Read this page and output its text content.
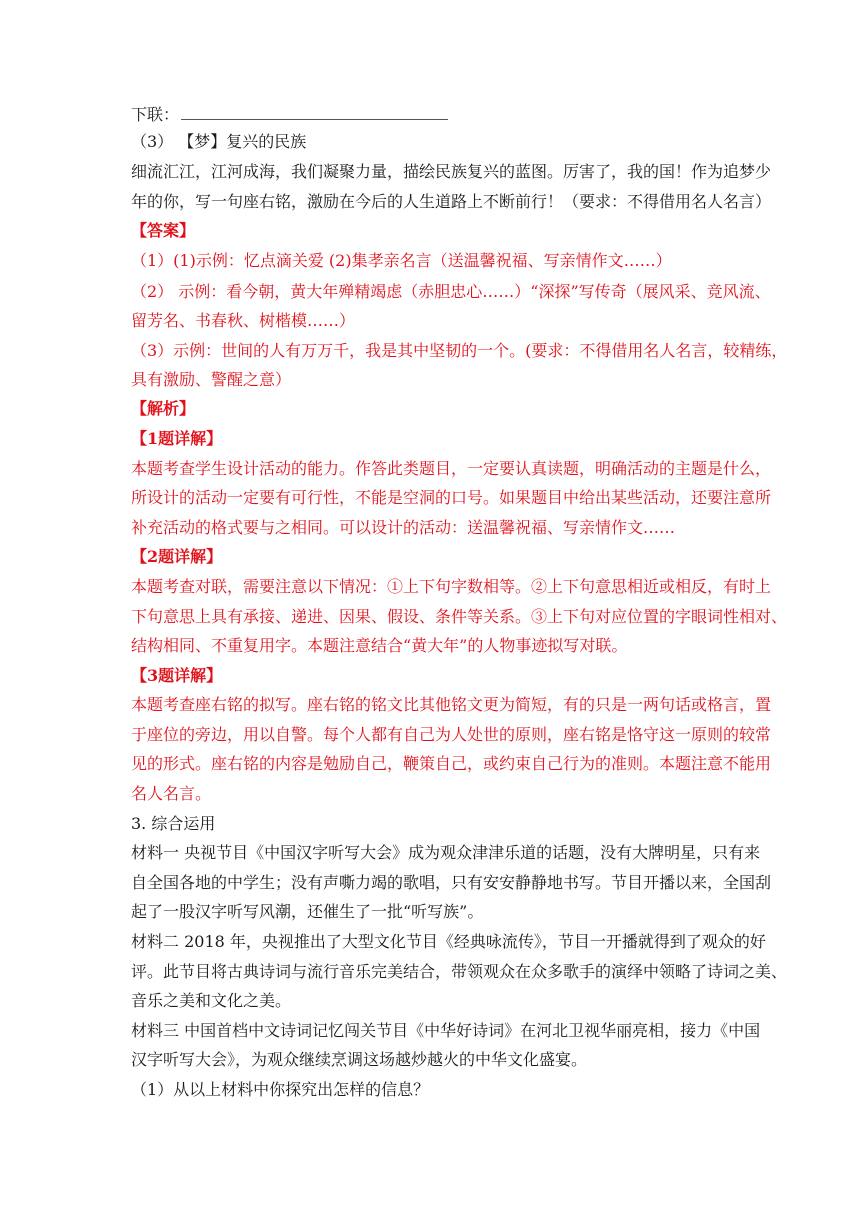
下联：
（3） 【梦】复兴的民族
细流汇江，江河成海，我们凝聚力量，描绘民族复兴的蓝图。厉害了，我的国！作为追梦少
年的你，写一句座右铭，激励在今后的人生道路上不断前行！（要求：不得借用名人名言）
【答案】
（1）(1)示例：忆点滴关爱 (2)集孝亲名言（送温馨祝福、写亲情作文……）
（2） 示例：看今朝，黄大年殚精竭虑（赤胆忠心……）“深探”写传奇（展风采、竞风流、
留芳名、书春秋、树楷模……）
（3）示例：世间的人有万万千，我是其中坚韧的一个。(要求：不得借用名人名言，较精练，
具有激励、警醒之意）
【解析】
【1题详解】
本题考查学生设计活动的能力。作答此类题目，一定要认真读题，明确活动的主题是什么，
所设计的活动一定要有可行性，不能是空洞的口号。如果题目中给出某些活动，还要注意所
补充活动的格式要与之相同。可以设计的活动：送温馨祝福、写亲情作文……
【2题详解】
本题考查对联，需要注意以下情况：①上下句字数相等。②上下句意思相近或相反，有时上
下句意思上具有承接、递进、因果、假设、条件等关系。③上下句对应位置的字眼词性相对、
结构相同、不重复用字。本题注意结合“黄大年”的人物事迹拟写对联。
【3题详解】
本题考查座右铭的拟写。座右铭的铭文比其他铭文更为简短，有的只是一两句话或格言，置
于座位的旁边，用以自警。每个人都有自己为人处世的原则，座右铭是恪守这一原则的较常
见的形式。座右铭的内容是勉励自己，鞭策自己，或约束自己行为的准则。本题注意不能用
名人名言。
3. 综合运用
材料一 央视节目《中国汉字听写大会》成为观众津津乐道的话题，没有大牌明星，只有来
自全国各地的中学生；没有声嘶力竭的歌唱，只有安安静静地书写。节目开播以来，全国刮
起了一股汉字听写风潮，还催生了一批“听写族”。
材料二 2018 年，央视推出了大型文化节目《经典咏流传》，节目一开播就得到了观众的好
评。此节目将古典诗词与流行音乐完美结合，带领观众在众多歌手的演绎中领略了诗词之美、
音乐之美和文化之美。
材料三 中国首档中文诗词记忆闯关节目《中华好诗词》在河北卫视华丽亮相，接力《中国
汉字听写大会》，为观众继续烹调这场越炒越火的中华文化盛宴。
（1）从以上材料中你探究出怎样的信息？
